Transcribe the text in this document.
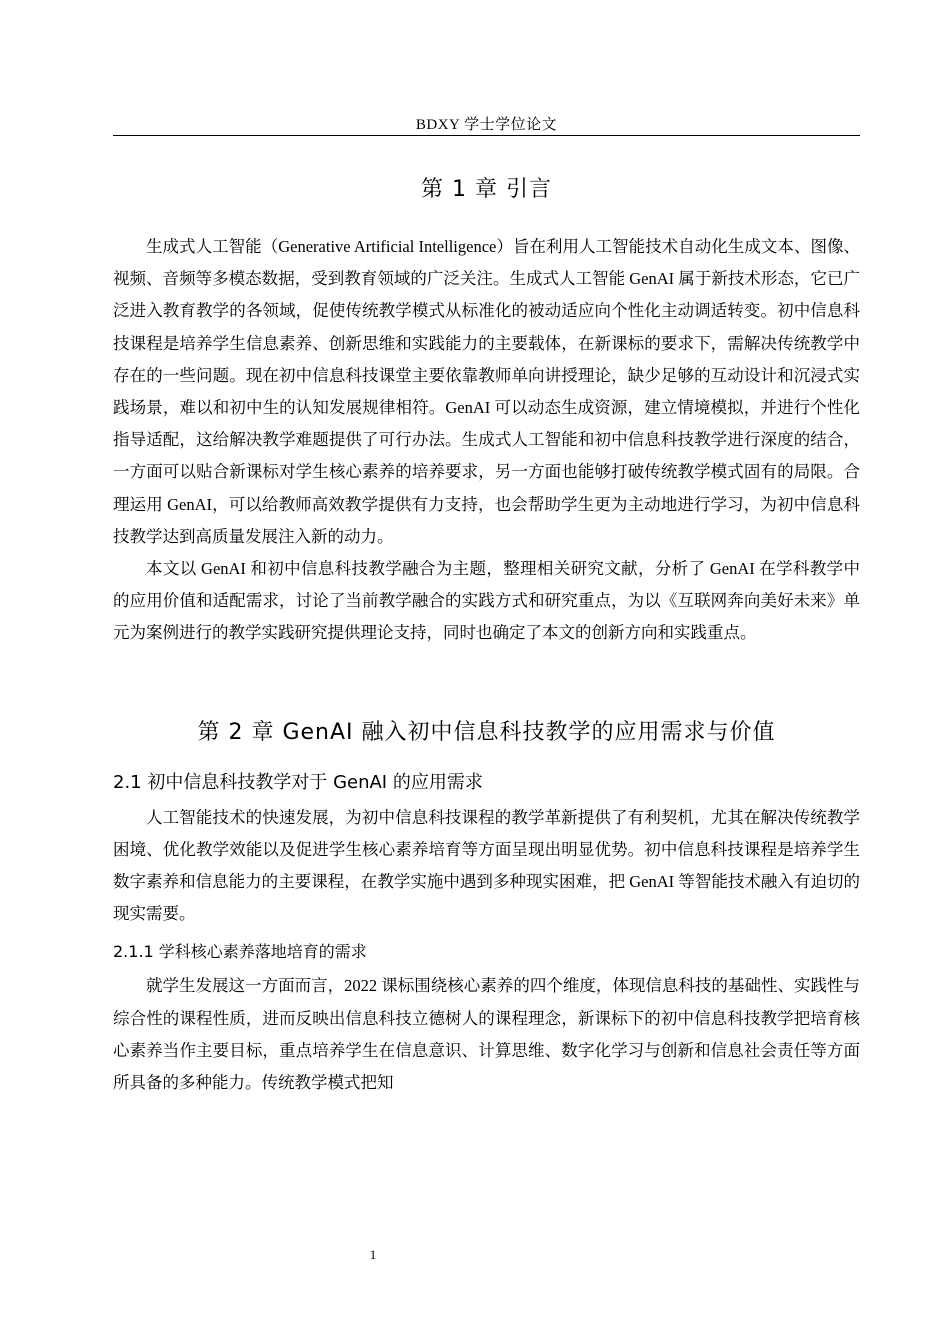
BDXY 学士学位论文
第 1 章 引言

生成式人工智能（Generative Artificial Intelligence）旨在利用人工智能技术自动化生成文本、图像、视频、音频等多模态数据，受到教育领域的广泛关注。生成式人工智能 GenAI 属于新技术形态，它已广泛进入教育教学的各领域，促使传统教学模式从标准化的被动适应向个性化主动调适转变。初中信息科技课程是培养学生信息素养、创新思维和实践能力的主要载体，在新课标的要求下，需解决传统教学中存在的一些问题。现在初中信息科技课堂主要依靠教师单向讲授理论，缺少足够的互动设计和沉浸式实践场景，难以和初中生的认知发展规律相符。GenAI 可以动态生成资源，建立情境模拟，并进行个性化指导适配，这给解决教学难题提供了可行办法。生成式人工智能和初中信息科技教学进行深度的结合，一方面可以贴合新课标对学生核心素养的培养要求，另一方面也能够打破传统教学模式固有的局限。合理运用 GenAI，可以给教师高效教学提供有力支持，也会帮助学生更为主动地进行学习，为初中信息科技教学达到高质量发展注入新的动力。

本文以 GenAI 和初中信息科技教学融合为主题，整理相关研究文献，分析了 GenAI 在学科教学中的应用价值和适配需求，讨论了当前教学融合的实践方式和研究重点，为以《互联网奔向美好未来》单元为案例进行的教学实践研究提供理论支持，同时也确定了本文的创新方向和实践重点。

第 2 章 GenAI 融入初中信息科技教学的应用需求与价值
2.1 初中信息科技教学对于 GenAI 的应用需求

人工智能技术的快速发展，为初中信息科技课程的教学革新提供了有利契机，尤其在解决传统教学困境、优化教学效能以及促进学生核心素养培育等方面呈现出明显优势。初中信息科技课程是培养学生数字素养和信息能力的主要课程，在教学实施中遇到多种现实困难，把 GenAI 等智能技术融入有迫切的现实需要。

2.1.1 学科核心素养落地培育的需求

就学生发展这一方面而言，2022 课标围绕核心素养的四个维度，体现信息科技的基础性、实践性与综合性的课程性质，进而反映出信息科技立德树人的课程理念，新课标下的初中信息科技教学把培育核心素养当作主要目标，重点培养学生在信息意识、计算思维、数字化学习与创新和信息社会责任等方面所具备的多种能力。传统教学模式把知

1
